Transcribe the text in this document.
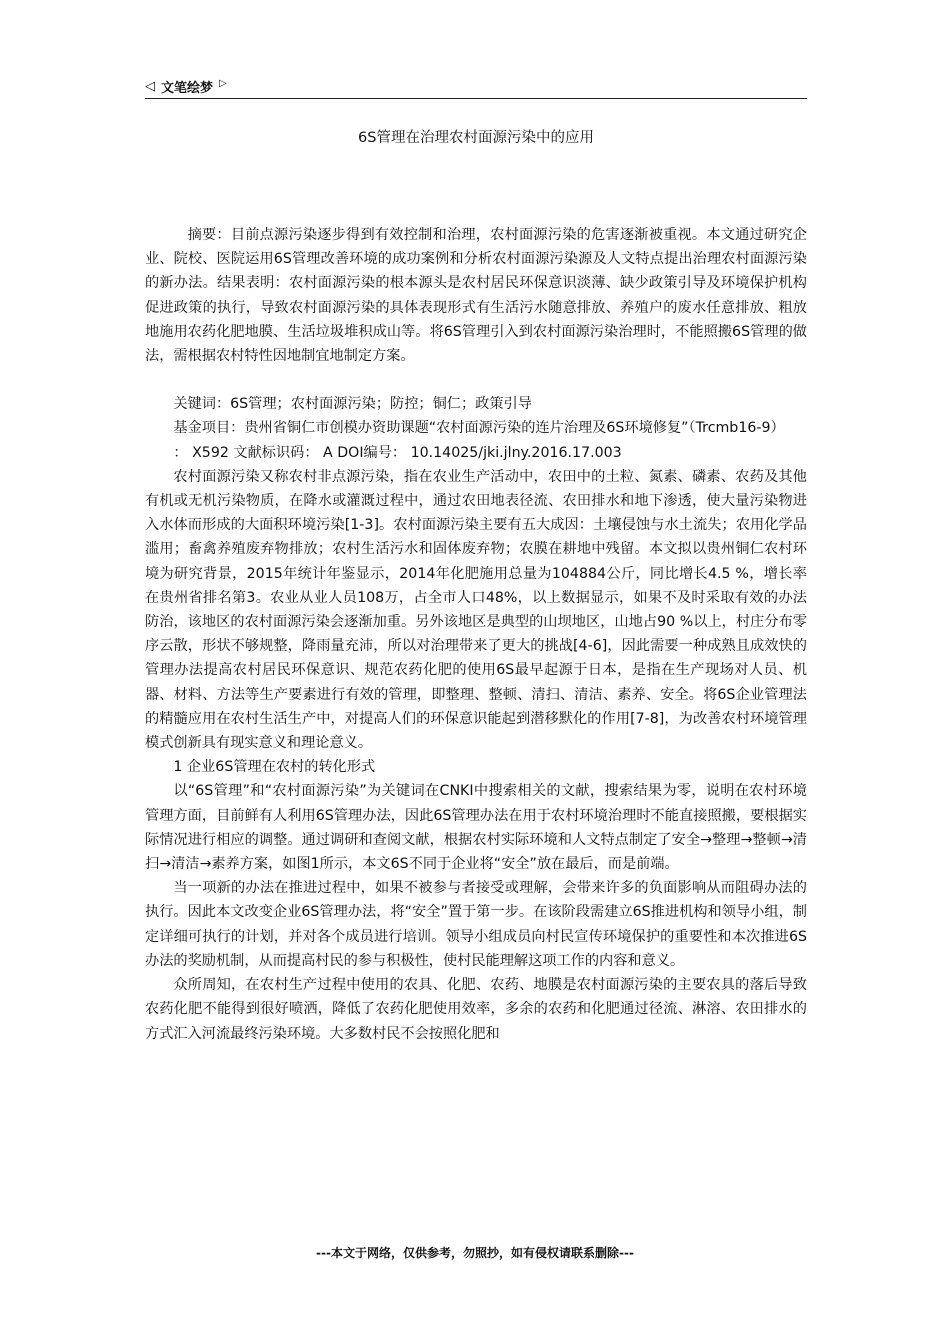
◁ 文笔绘梦 ▷
6S管理在治理农村面源污染中的应用

摘要：目前点源污染逐步得到有效控制和治理，农村面源污染的危害逐渐被重视。本文通过研究企业、院校、医院运用6S管理改善环境的成功案例和分析农村面源污染源及人文特点提出治理农村面源污染的新办法。结果表明：农村面源污染的根本源头是农村居民环保意识淡薄、缺少政策引导及环境保护机构促进政策的执行，导致农村面源污染的具体表现形式有生活污水随意排放、养殖户的废水任意排放、粗放地施用农药化肥地膜、生活垃圾堆积成山等。将6S管理引入到农村面源污染治理时，不能照搬6S管理的做法，需根据农村特性因地制宜地制定方案。

关键词：6S管理；农村面源污染；防控；铜仁；政策引导

基金项目：贵州省铜仁市创模办资助课题“农村面源污染的连片治理及6S环境修复”（Trcmb16-9）

： X592 文献标识码： A DOI编号： 10.14025/jki.jlny.2016.17.003

农村面源污染又称农村非点源污染，指在农业生产活动中，农田中的土粒、氮素、磷素、农药及其他有机或无机污染物质，在降水或灌溉过程中，通过农田地表径流、农田排水和地下渗透，使大量污染物进入水体而形成的大面积环境污染[1-3]。农村面源污染主要有五大成因：土壤侵蚀与水土流失；农用化学品滥用；畜禽养殖废弃物排放；农村生活污水和固体废弃物；农膜在耕地中残留。本文拟以贵州铜仁农村环境为研究背景，2015年统计年鉴显示，2014年化肥施用总量为104884公斤，同比增长4.5 %，增长率在贵州省排名第3。农业从业人员108万，占全市人口48%，以上数据显示，如果不及时采取有效的办法防治，该地区的农村面源污染会逐渐加重。另外该地区是典型的山坝地区，山地占90 %以上，村庄分布零序云散，形状不够规整，降雨量充沛，所以对治理带来了更大的挑战[4-6]，因此需要一种成熟且成效快的管理办法提高农村居民环保意识、规范农药化肥的使用6S最早起源于日本，是指在生产现场对人员、机器、材料、方法等生产要素进行有效的管理，即整理、整顿、清扫、清洁、素养、安全。将6S企业管理法的精髓应用在农村生活生产中，对提高人们的环保意识能起到潜移默化的作用[7-8]，为改善农村环境管理模式创新具有现实意义和理论意义。

1 企业6S管理在农村的转化形式

以“6S管理”和“农村面源污染”为关键词在CNKI中搜索相关的文献，搜索结果为零，说明在农村环境管理方面，目前鲜有人利用6S管理办法，因此6S管理办法在用于农村环境治理时不能直接照搬，要根据实际情况进行相应的调整。通过调研和查阅文献，根据农村实际环境和人文特点制定了安全→整理→整顿→清扫→清洁→素养方案，如图1所示，本文6S不同于企业将“安全”放在最后，而是前端。

当一项新的办法在推进过程中，如果不被参与者接受或理解，会带来许多的负面影响从而阻碍办法的执行。因此本文改变企业6S管理办法，将“安全”置于第一步。在该阶段需建立6S推进机构和领导小组，制定详细可执行的计划，并对各个成员进行培训。领导小组成员向村民宣传环境保护的重要性和本次推进6S办法的奖励机制，从而提高村民的参与积极性，使村民能理解这项工作的内容和意义。

众所周知，在农村生产过程中使用的农具、化肥、农药、地膜是农村面源污染的主要农具的落后导致农药化肥不能得到很好喷洒，降低了农药化肥使用效率，多余的农药和化肥通过径流、淋溶、农田排水的方式汇入河流最终污染环境。大多数村民不会按照化肥和

---本文于网络，仅供参考，勿照抄，如有侵权请联系删除---
